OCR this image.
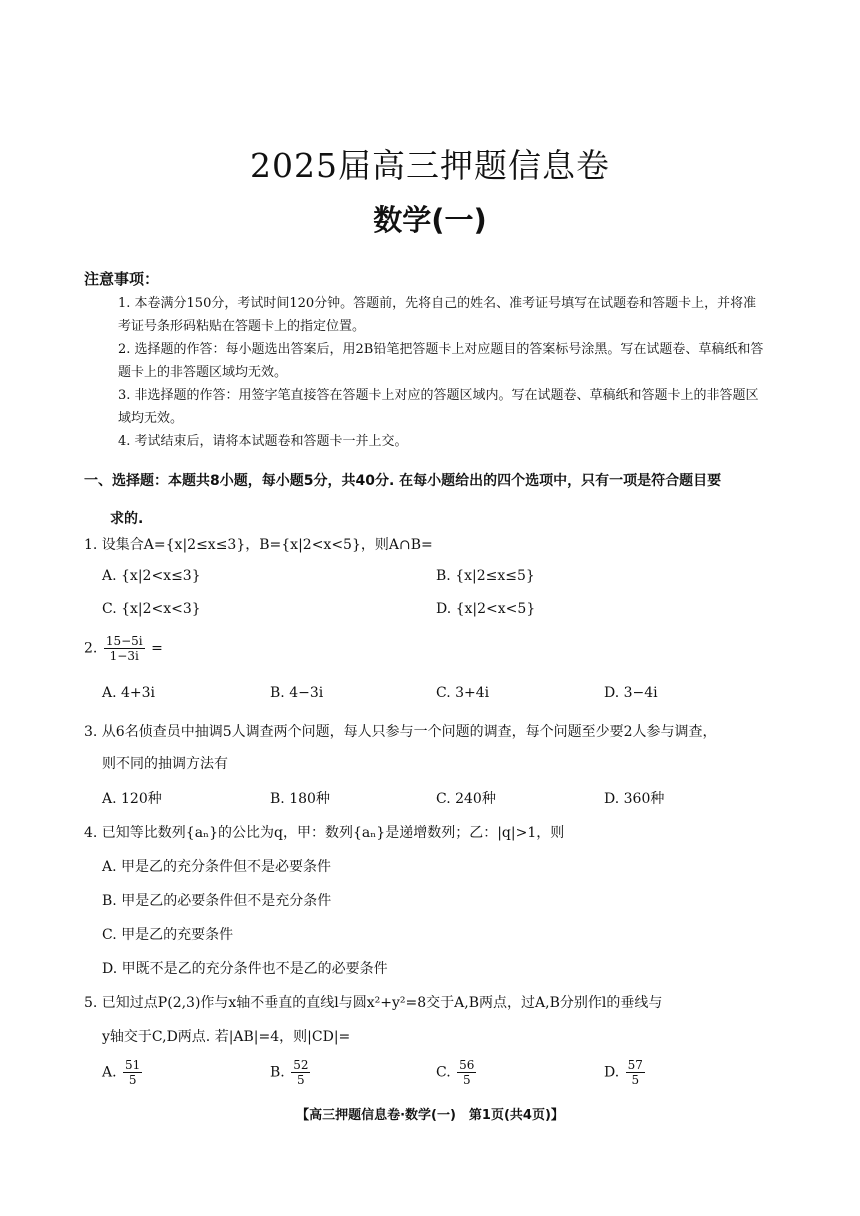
2025届高三押题信息卷
数学(一)
注意事项：
1. 本卷满分150分，考试时间120分钟。答题前，先将自己的姓名、准考证号填写在试题卷和答题卡上，并将准考证号条形码粘贴在答题卡上的指定位置。
2. 选择题的作答：每小题选出答案后，用2B铅笔把答题卡上对应题目的答案标号涂黑。写在试题卷、草稿纸和答题卡上的非答题区域均无效。
3. 非选择题的作答：用签字笔直接答在答题卡上对应的答题区域内。写在试题卷、草稿纸和答题卡上的非答题区域均无效。
4. 考试结束后，请将本试题卷和答题卡一并上交。
一、选择题：本题共8小题，每小题5分，共40分. 在每小题给出的四个选项中，只有一项是符合题目要
求的.
1. 设集合A={x|2≤x≤3}，B={x|2<x<5}，则A∩B=
A. {x|2<x≤3}	B. {x|2≤x≤5}
C. {x|2<x<3}	D. {x|2<x<5}
2. $\frac{15-5i}{1-3i}$ =
A. 4+3i	B. 4−3i	C. 3+4i	D. 3−4i
3. 从6名侦查员中抽调5人调查两个问题，每人只参与一个问题的调查，每个问题至少要2人参与调查，
则不同的抽调方法有
A. 120种	B. 180种	C. 240种	D. 360种
4. 已知等比数列{aₙ}的公比为q，甲：数列{aₙ}是递增数列；乙：|q|>1，则
A. 甲是乙的充分条件但不是必要条件
B. 甲是乙的必要条件但不是充分条件
C. 甲是乙的充要条件
D. 甲既不是乙的充分条件也不是乙的必要条件
5. 已知过点P(2,3)作与x轴不垂直的直线l与圆x²+y²=8交于A,B两点，过A,B分别作l的垂线与
y轴交于C,D两点. 若|AB|=4，则|CD|=
A. $\frac{51}{5}$	B. $\frac{52}{5}$	C. $\frac{56}{5}$	D. $\frac{57}{5}$
【高三押题信息卷·数学(一)　第1页(共4页)】
